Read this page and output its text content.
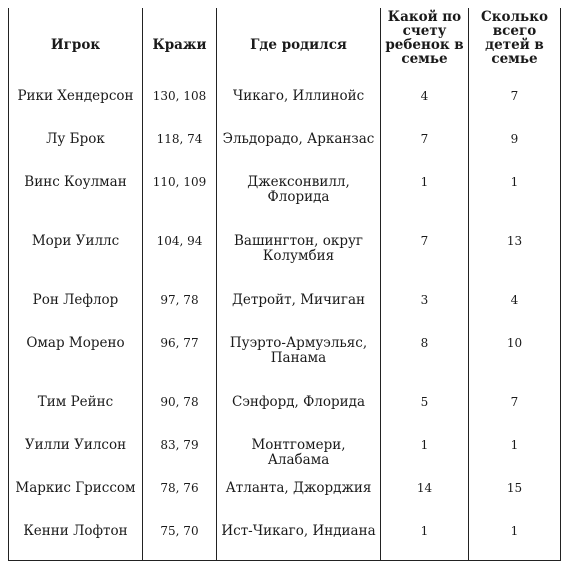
Игрок	Кражи	Где родился	Какой по счету ребенок в семье	Сколько всего детей в семье
Рики Хендерсон	130, 108	Чикаго, Иллинойс	4	7
Лу Брок	118, 74	Эльдорадо, Арканзас	7	9
Винс Коулман	110, 109	Джексонвилл, Флорида	1	1
Мори Уиллс	104, 94	Вашингтон, округ Колумбия	7	13
Рон Лефлор	97, 78	Детройт, Мичиган	3	4
Омар Морено	96, 77	Пуэрто-Армуэльяс, Панама	8	10
Тим Рейнс	90, 78	Сэнфорд, Флорида	5	7
Уилли Уилсон	83, 79	Монтгомери, Алабама	1	1
Маркис Гриссом	78, 76	Атланта, Джорджия	14	15
Кенни Лофтон	75, 70	Ист-Чикаго, Индиана	1	1
